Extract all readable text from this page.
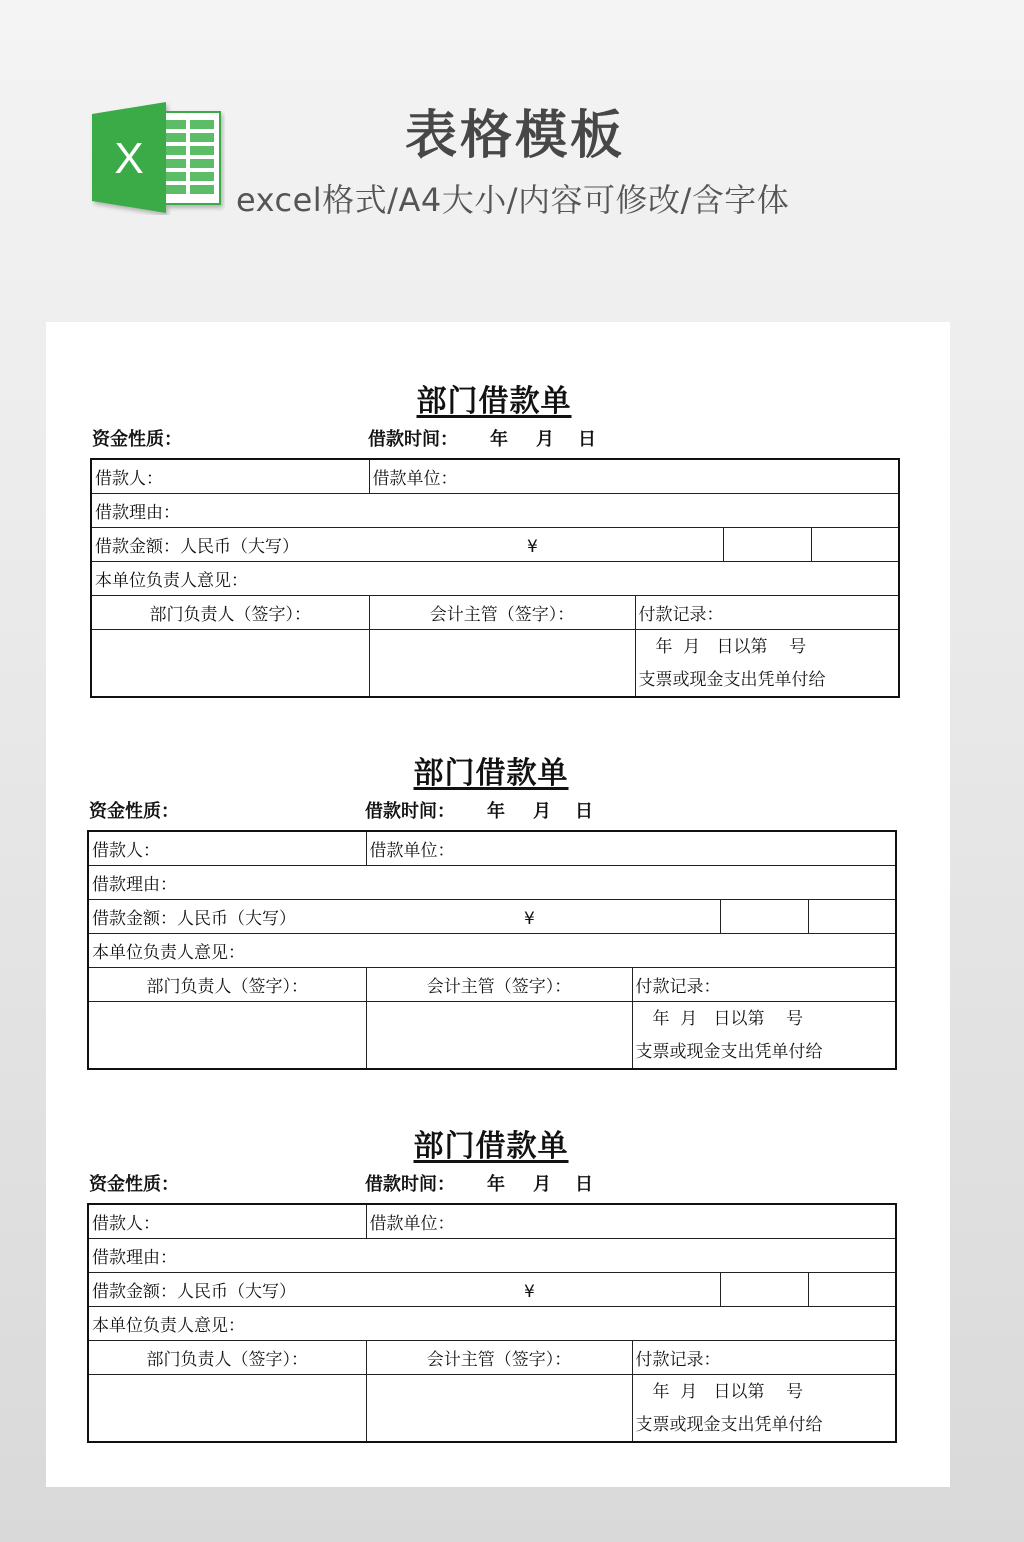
X	表格模板
excel格式/A4大小/内容可修改/含字体
部门借款单
资金性质：	借款时间： 年 月 日
借款人：	借款单位：			
借款理由：				
借款金额：人民币（大写） ¥				
本单位负责人意见：				
部门负责人（签字）：	会计主管（签字）：	付款记录：		

		年  月   日以第    号
支票或现金支出凭单付给		
部门借款单
资金性质：	借款时间： 年 月 日
借款人：	借款单位：			
借款理由：				
借款金额：人民币（大写） ¥				
本单位负责人意见：				
部门负责人（签字）：	会计主管（签字）：	付款记录：		

		年  月   日以第    号
支票或现金支出凭单付给		
部门借款单
资金性质：	借款时间： 年 月 日
借款人：	借款单位：			
借款理由：				
借款金额：人民币（大写） ¥				
本单位负责人意见：				
部门负责人（签字）：	会计主管（签字）：	付款记录：		

		年  月   日以第    号
支票或现金支出凭单付给		
